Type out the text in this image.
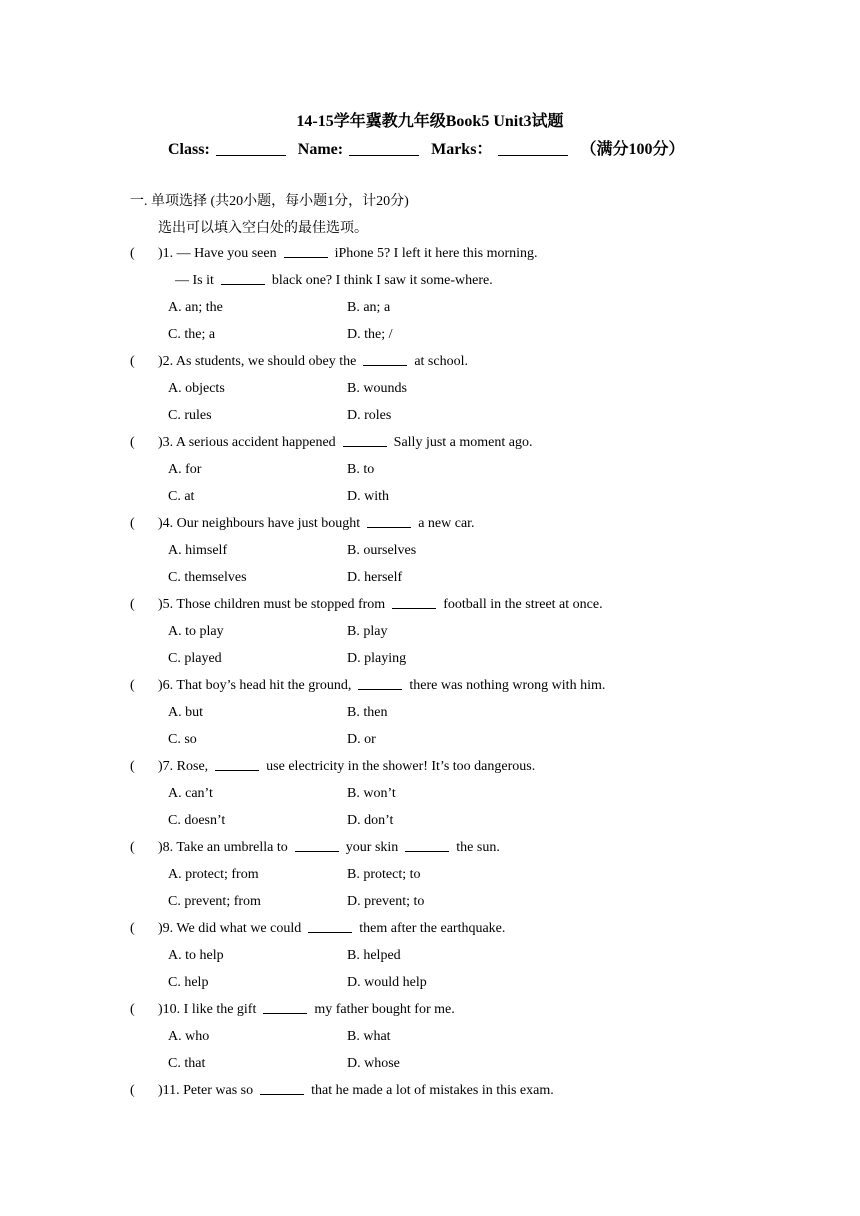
14-15学年冀教九年级Book5 Unit3试题
Class:	Name:	Marks：	（满分100分）
一. 单项选择 (共20小题，每小题1分，计20分)
选出可以填入空白处的最佳选项。
( )1. — Have you seen	iPhone 5? I left it here this morning.
— Is it	black one? I think I saw it some-where.
A. an; the	B. an; a
C. the; a	D. the; /
( )2. As students, we should obey the	at school.
A. objects	B. wounds
C. rules	D. roles
( )3. A serious accident happened	Sally just a moment ago.
A. for	B. to
C. at	D. with
( )4. Our neighbours have just bought	a new car.
A. himself	B. ourselves
C. themselves	D. herself
( )5. Those children must be stopped from	football in the street at once.
A. to play	B. play
C. played	D. playing
( )6. That boy’s head hit the ground,	there was nothing wrong with him.
A. but	B. then
C. so	D. or
( )7. Rose,	use electricity in the shower! It’s too dangerous.
A. can’t	B. won’t
C. doesn’t	D. don’t
( )8. Take an umbrella to	your skin	the sun.
A. protect; from	B. protect; to
C. prevent; from	D. prevent; to
( )9. We did what we could	them after the earthquake.
A. to help	B. helped
C. help	D. would help
( )10. I like the gift	my father bought for me.
A. who	B. what
C. that	D. whose
( )11. Peter was so	that he made a lot of mistakes in this exam.
